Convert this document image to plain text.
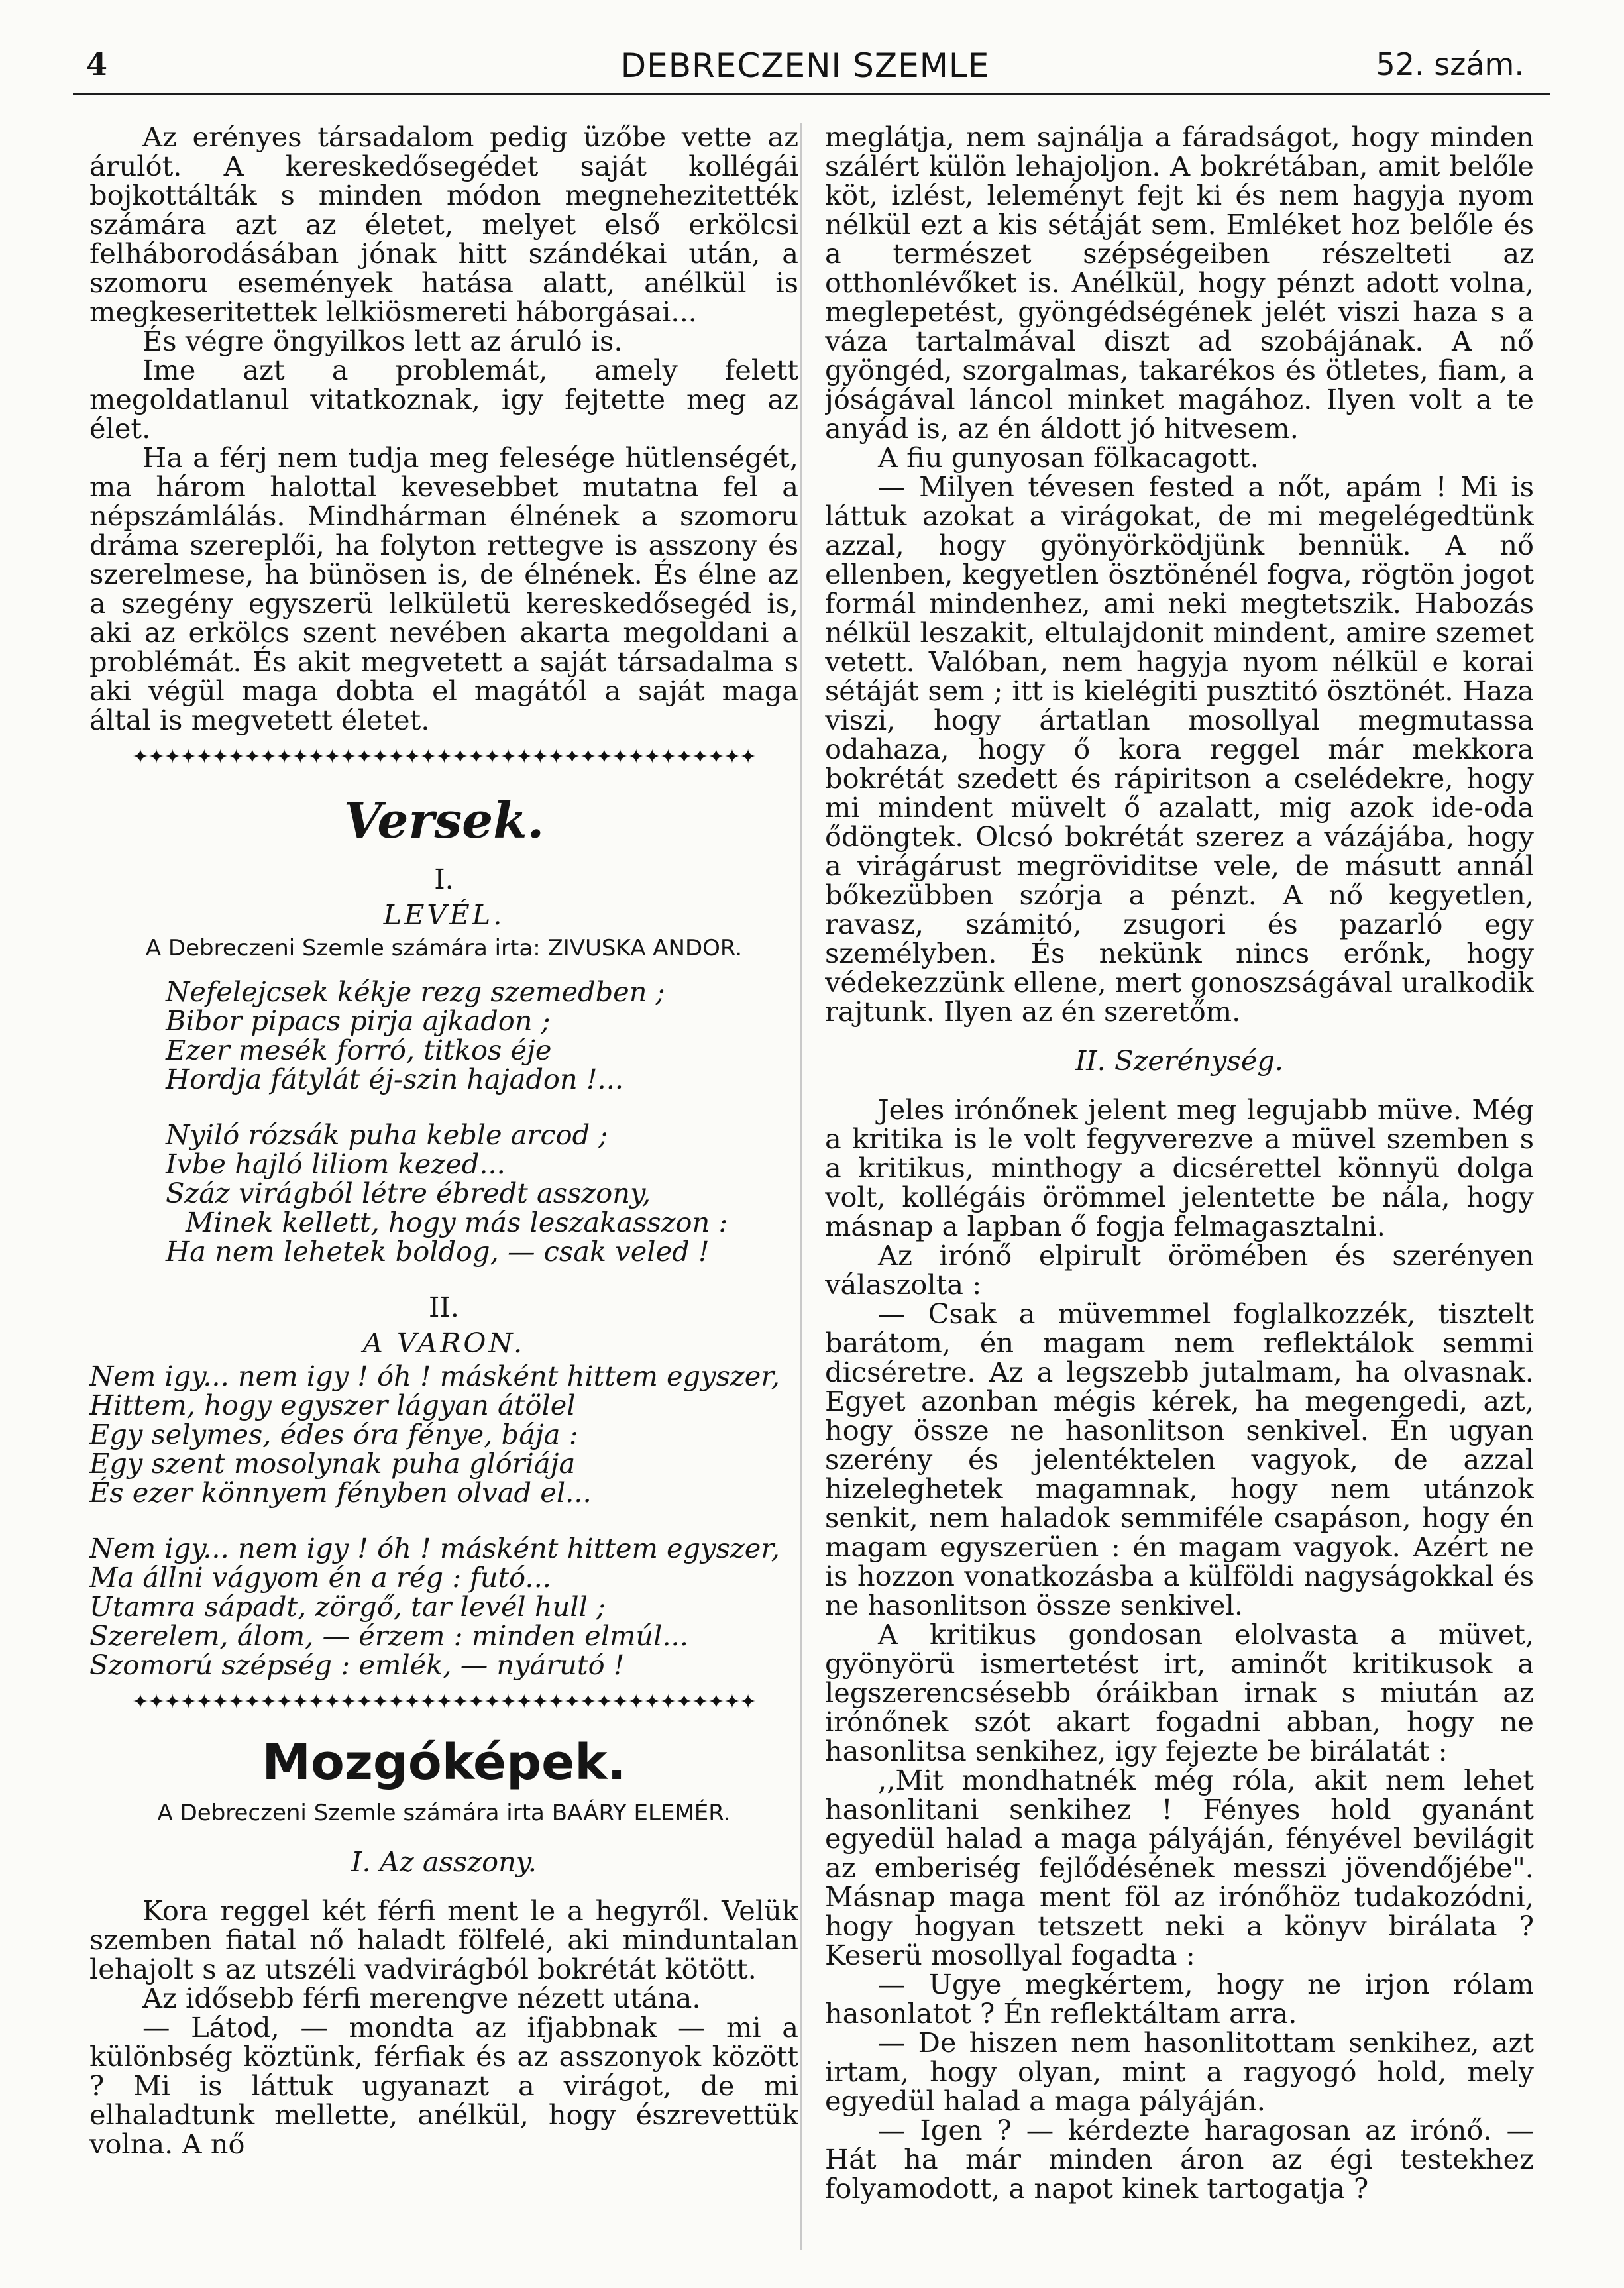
4	DEBRECZENI SZEMLE	52. szám.

Az erényes társadalom pedig üzőbe vette az árulót. A kereskedősegédet saját kollégái bojkottálták s minden módon megnehezitették számára azt az életet, melyet első erkölcsi felháborodásában jónak hitt szándékai után, a szomoru események hatása alatt, anélkül is megkeseritettek lelkiösmereti háborgásai...

És végre öngyilkos lett az áruló is.

Ime azt a problemát, amely felett megoldatlanul vitatkoznak, igy fejtette meg az élet.

Ha a férj nem tudja meg felesége hütlenségét, ma három halottal kevesebbet mutatna fel a népszámlálás. Mindhárman élnének a szomoru dráma szereplői, ha folyton rettegve is asszony és szerelmese, ha bünösen is, de élnének. És élne az a szegény egyszerü lelkületü kereskedősegéd is, aki az erkölcs szent nevében akarta megoldani a problémát. És akit megvetett a saját társadalma s aki végül maga dobta el magától a saját maga által is megvetett életet.

✦✦✦✦✦✦✦✦✦✦✦✦✦✦✦✦✦✦✦✦✦✦✦✦✦✦✦✦✦✦✦✦✦✦✦✦✦✦✦
Versek.
I.
LEVÉL.
A Debreczeni Szemle számára irta: ZIVUSKA ANDOR.
Nefelejcsek kékje rezg szemedben ;
Bibor pipacs pirja ajkadon ;
Ezer mesék forró, titkos éje
Hordja fátylát éj-szin hajadon !...
Nyiló rózsák puha keble arcod ;
Ivbe hajló liliom kezed...
Száz virágból létre ébredt asszony,
Minek kellett, hogy más leszakasszon :
Ha nem lehetek boldog, — csak veled !
II.
A VARON.
Nem igy... nem igy ! óh ! másként hittem egyszer,
Hittem, hogy egyszer lágyan átölel
Egy selymes, édes óra fénye, bája :
Egy szent mosolynak puha glóriája
És ezer könnyem fényben olvad el...
Nem igy... nem igy ! óh ! másként hittem egyszer,
Ma állni vágyom én a rég : futó...
Utamra sápadt, zörgő, tar levél hull ;
Szerelem, álom, — érzem : minden elmúl...
Szomorú szépség : emlék, — nyárutó !
✦✦✦✦✦✦✦✦✦✦✦✦✦✦✦✦✦✦✦✦✦✦✦✦✦✦✦✦✦✦✦✦✦✦✦✦✦✦✦
Mozgóképek.
A Debreczeni Szemle számára irta BAÁRY ELEMÉR.
I. Az asszony.

Kora reggel két férfi ment le a hegyről. Velük szemben fiatal nő haladt fölfelé, aki minduntalan lehajolt s az utszéli vadvirágból bokrétát kötött.

Az idősebb férfi merengve nézett utána.

— Látod, — mondta az ifjabbnak — mi a különbség köztünk, férfiak és az asszonyok között ? Mi is láttuk ugyanazt a virágot, de mi elhaladtunk mellette, anélkül, hogy észrevettük volna. A nő

meglátja, nem sajnálja a fáradságot, hogy minden szálért külön lehajoljon. A bokrétában, amit belőle köt, izlést, leleményt fejt ki és nem hagyja nyom nélkül ezt a kis sétáját sem. Emléket hoz belőle és a természet szépségeiben részelteti az otthonlévőket is. Anélkül, hogy pénzt adott volna, meglepetést, gyöngédségének jelét viszi haza s a váza tartalmával diszt ad szobájának. A nő gyöngéd, szorgalmas, takarékos és ötletes, fiam, a jóságával láncol minket magához. Ilyen volt a te anyád is, az én áldott jó hitvesem.

A fiu gunyosan fölkacagott.

— Milyen tévesen fested a nőt, apám ! Mi is láttuk azokat a virágokat, de mi megelégedtünk azzal, hogy gyönyörködjünk bennük. A nő ellenben, kegyetlen ösztönénél fogva, rögtön jogot formál mindenhez, ami neki megtetszik. Habozás nélkül leszakit, eltulajdonit mindent, amire szemet vetett. Valóban, nem hagyja nyom nélkül e korai sétáját sem ; itt is kielégiti pusztitó ösztönét. Haza viszi, hogy ártatlan mosollyal megmutassa odahaza, hogy ő kora reggel már mekkora bokrétát szedett és rápiritson a cselédekre, hogy mi mindent müvelt ő azalatt, mig azok ide-oda ődöngtek. Olcsó bokrétát szerez a vázájába, hogy a virágárust megröviditse vele, de másutt annál bőkezübben szórja a pénzt. A nő kegyetlen, ravasz, számitó, zsugori és pazarló egy személyben. És nekünk nincs erőnk, hogy védekezzünk ellene, mert gonoszságával uralkodik rajtunk. Ilyen az én szeretőm.

II. Szerénység.

Jeles irónőnek jelent meg legujabb müve. Még a kritika is le volt fegyverezve a müvel szemben s a kritikus, minthogy a dicsérettel könnyü dolga volt, kollégáis örömmel jelentette be nála, hogy másnap a lapban ő fogja felmagasztalni.

Az irónő elpirult örömében és szerényen válaszolta :

— Csak a müvemmel foglalkozzék, tisztelt barátom, én magam nem reflektálok semmi dicséretre. Az a legszebb jutalmam, ha olvasnak. Egyet azonban mégis kérek, ha megengedi, azt, hogy össze ne hasonlitson senkivel. Én ugyan szerény és jelentéktelen vagyok, de azzal hizeleghetek magamnak, hogy nem utánzok senkit, nem haladok semmiféle csapáson, hogy én magam egyszerüen : én magam vagyok. Azért ne is hozzon vonatkozásba a külföldi nagyságokkal és ne hasonlitson össze senkivel.

A kritikus gondosan elolvasta a müvet, gyönyörü ismertetést irt, aminőt kritikusok a legszerencsésebb óráikban irnak s miután az irónőnek szót akart fogadni abban, hogy ne hasonlitsa senkihez, igy fejezte be birálatát :

,,Mit mondhatnék még róla, akit nem lehet hasonlitani senkihez ! Fényes hold gyanánt egyedül halad a maga pályáján, fényével bevilágit az emberiség fejlődésének messzi jövendőjébe". Másnap maga ment föl az irónőhöz tudakozódni, hogy hogyan tetszett neki a könyv birálata ? Keserü mosollyal fogadta :

— Ugye megkértem, hogy ne irjon rólam hasonlatot ? Én reflektáltam arra.

— De hiszen nem hasonlitottam senkihez, azt irtam, hogy olyan, mint a ragyogó hold, mely egyedül halad a maga pályáján.

— Igen ? — kérdezte haragosan az irónő. — Hát ha már minden áron az égi testekhez folyamodott, a napot kinek tartogatja ?
